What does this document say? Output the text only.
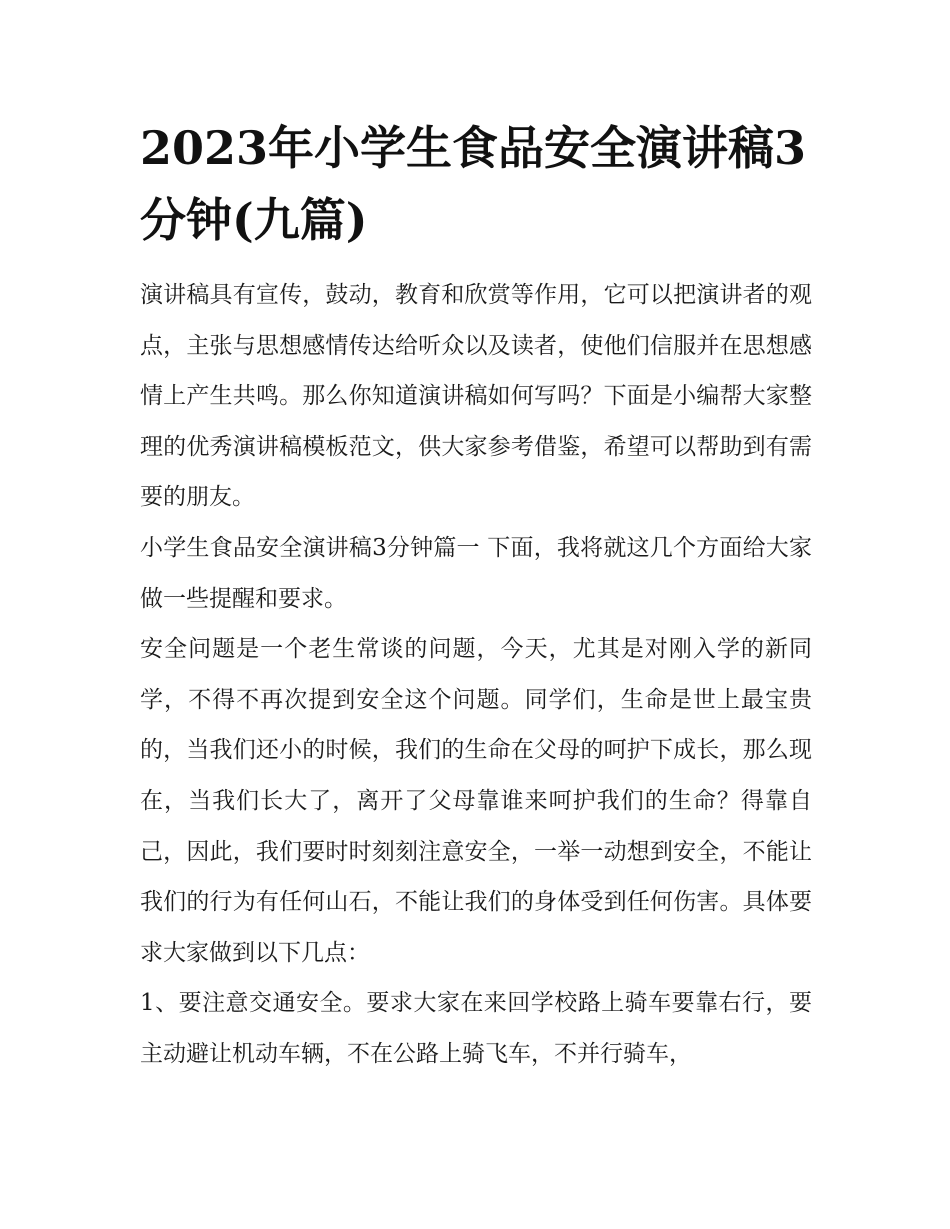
2023年小学生食品安全演讲稿3分钟(九篇)

演讲稿具有宣传，鼓动，教育和欣赏等作用，它可以把演讲者的观点，主张与思想感情传达给听众以及读者，使他们信服并在思想感情上产生共鸣。那么你知道演讲稿如何写吗？下面是小编帮大家整理的优秀演讲稿模板范文，供大家参考借鉴，希望可以帮助到有需要的朋友。

小学生食品安全演讲稿3分钟篇一 下面，我将就这几个方面给大家做一些提醒和要求。

安全问题是一个老生常谈的问题，今天，尤其是对刚入学的新同学，不得不再次提到安全这个问题。同学们，生命是世上最宝贵的，当我们还小的时候，我们的生命在父母的呵护下成长，那么现在，当我们长大了，离开了父母靠谁来呵护我们的生命？得靠自己，因此，我们要时时刻刻注意安全，一举一动想到安全，不能让我们的行为有任何山石，不能让我们的身体受到任何伤害。具体要求大家做到以下几点：

1、要注意交通安全。要求大家在来回学校路上骑车要靠右行，要主动避让机动车辆，不在公路上骑飞车，不并行骑车，
